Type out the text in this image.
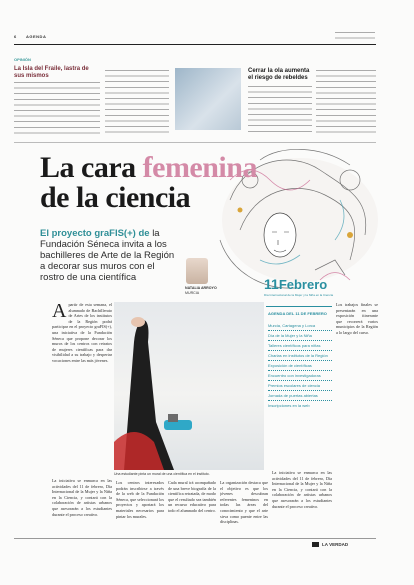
6 AGENDA
OPINIÓN
La Isla del Fraile, lastra de sus mismos
Cerrar la ola aumenta el riesgo de rebeldes
La cara femenina
de la ciencia
El proyecto graFIS(+) de la Fundación Séneca invita a los bachilleres de Arte de la Región a decorar sus muros con el rostro de una científica
NATALIA ARROYO
MURCIA
11Febrero
Día Internacional de la Mujer y la Niña en la Ciencia
Apartir de esta semana, el alumnado de Bachillerato de Artes de los institutos de la Región podrá participar en el proyecto graFIS(+), una iniciativa de la Fundación Séneca que propone decorar los muros de los centros con retratos de mujeres científicas para dar visibilidad a su trabajo y despertar vocaciones entre las más jóvenes.
Una estudiante pinta un mural de una científica en el instituto.
AGENDA DEL 11 DE FEBRERO
Murcia, Cartagena y Lorca
Día de la Mujer y la Niña
Talleres científicos para niñas
Charlas en institutos de la Región
Exposición de científicas
Encuentro con investigadoras
Premios escolares de ciencia
Jornada de puertas abiertas
Inscripciones en la web
Los trabajos finales se presentarán en una exposición itinerante que recorrerá varios municipios de la Región a lo largo del curso.
La iniciativa se enmarca en las actividades del 11 de febrero, Día Internacional de la Mujer y la Niña en la Ciencia, y contará con la colaboración de artistas urbanos que asesorarán a los estudiantes durante el proceso creativo.
Los centros interesados podrán inscribirse a través de la web de la Fundación Séneca, que seleccionará los proyectos y aportará los materiales necesarios para pintar los murales.
Cada mural irá acompañado de una breve biografía de la científica retratada, de modo que el resultado sea también un recurso educativo para todo el alumnado del centro.
La organización destaca que el objetivo es que los jóvenes descubran referentes femeninos en todas las áreas del conocimiento y que el arte sirva como puente entre las disciplinas.
La iniciativa se enmarca en las actividades del 11 de febrero, Día Internacional de la Mujer y la Niña en la Ciencia, y contará con la colaboración de artistas urbanos que asesorarán a los estudiantes durante el proceso creativo.
LA VERDAD
